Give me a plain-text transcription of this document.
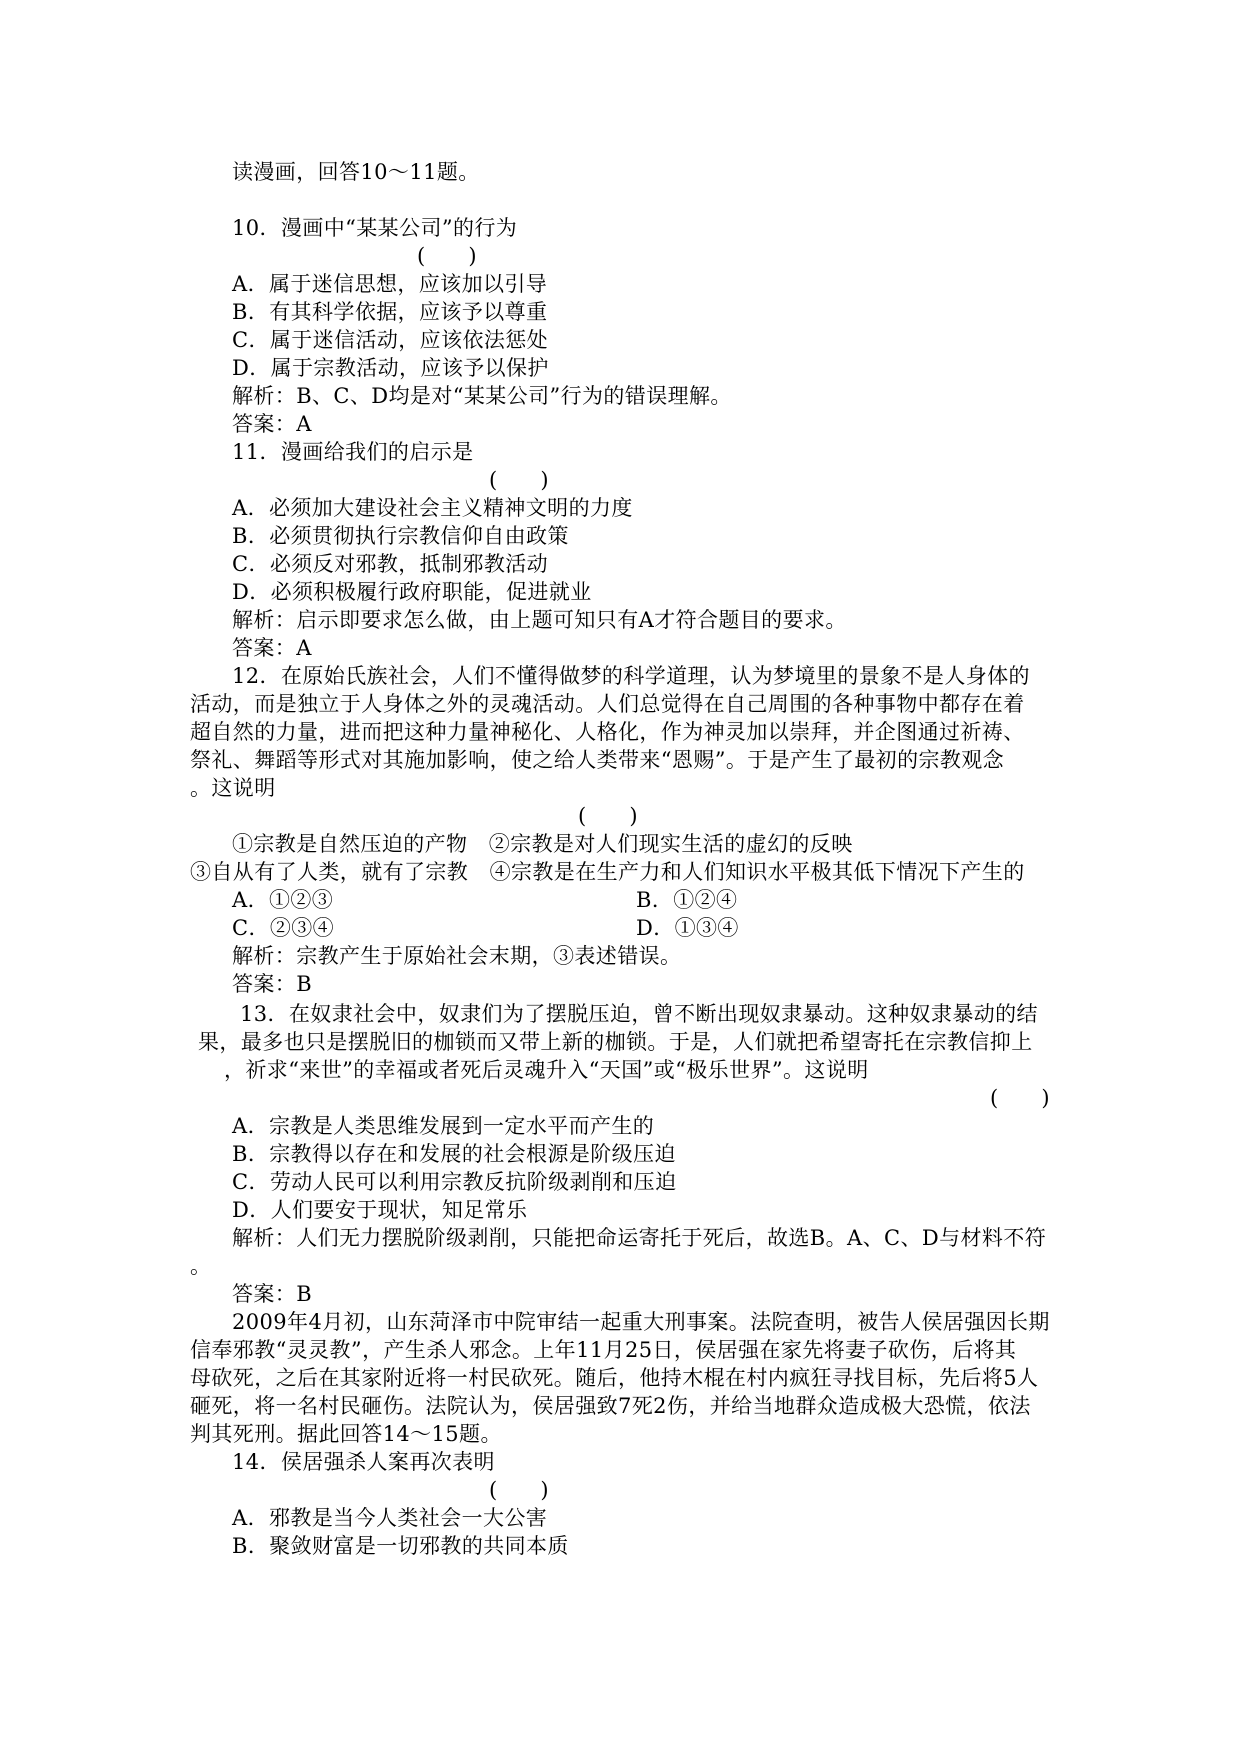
读漫画，回答10～11题。
10．漫画中“某某公司”的行为
(　　)
A．属于迷信思想，应该加以引导
B．有其科学依据，应该予以尊重
C．属于迷信活动，应该依法惩处
D．属于宗教活动，应该予以保护
解析：B、C、D均是对“某某公司”行为的错误理解。
答案：A
11．漫画给我们的启示是
(　　)
A．必须加大建设社会主义精神文明的力度
B．必须贯彻执行宗教信仰自由政策
C．必须反对邪教，抵制邪教活动
D．必须积极履行政府职能，促进就业
解析：启示即要求怎么做，由上题可知只有A才符合题目的要求。
答案：A
12．在原始氏族社会，人们不懂得做梦的科学道理，认为梦境里的景象不是人身体的
活动，而是独立于人身体之外的灵魂活动。人们总觉得在自己周围的各种事物中都存在着
超自然的力量，进而把这种力量神秘化、人格化，作为神灵加以崇拜，并企图通过祈祷、
祭礼、舞蹈等形式对其施加影响，使之给人类带来“恩赐”。于是产生了最初的宗教观念
。这说明
(　　)
①宗教是自然压迫的产物　②宗教是对人们现实生活的虚幻的反映
③自从有了人类，就有了宗教　④宗教是在生产力和人们知识水平极其低下情况下产生的
A．①②③	B．①②④
C．②③④	D．①③④
解析：宗教产生于原始社会末期，③表述错误。
答案：B
13．在奴隶社会中，奴隶们为了摆脱压迫，曾不断出现奴隶暴动。这种奴隶暴动的结
果，最多也只是摆脱旧的枷锁而又带上新的枷锁。于是，人们就把希望寄托在宗教信抑上
，祈求“来世”的幸福或者死后灵魂升入“天国”或“极乐世界”。这说明
(　　)
A．宗教是人类思维发展到一定水平而产生的
B．宗教得以存在和发展的社会根源是阶级压迫
C．劳动人民可以利用宗教反抗阶级剥削和压迫
D．人们要安于现状，知足常乐
解析：人们无力摆脱阶级剥削，只能把命运寄托于死后，故选B。A、C、D与材料不符
。
答案：B
2009年4月初，山东菏泽市中院审结一起重大刑事案。法院查明，被告人侯居强因长期
信奉邪教“灵灵教”，产生杀人邪念。上年11月25日，侯居强在家先将妻子砍伤，后将其
母砍死，之后在其家附近将一村民砍死。随后，他持木棍在村内疯狂寻找目标，先后将5人
砸死，将一名村民砸伤。法院认为，侯居强致7死2伤，并给当地群众造成极大恐慌，依法
判其死刑。据此回答14～15题。
14．侯居强杀人案再次表明
(　　)
A．邪教是当今人类社会一大公害
B．聚敛财富是一切邪教的共同本质
